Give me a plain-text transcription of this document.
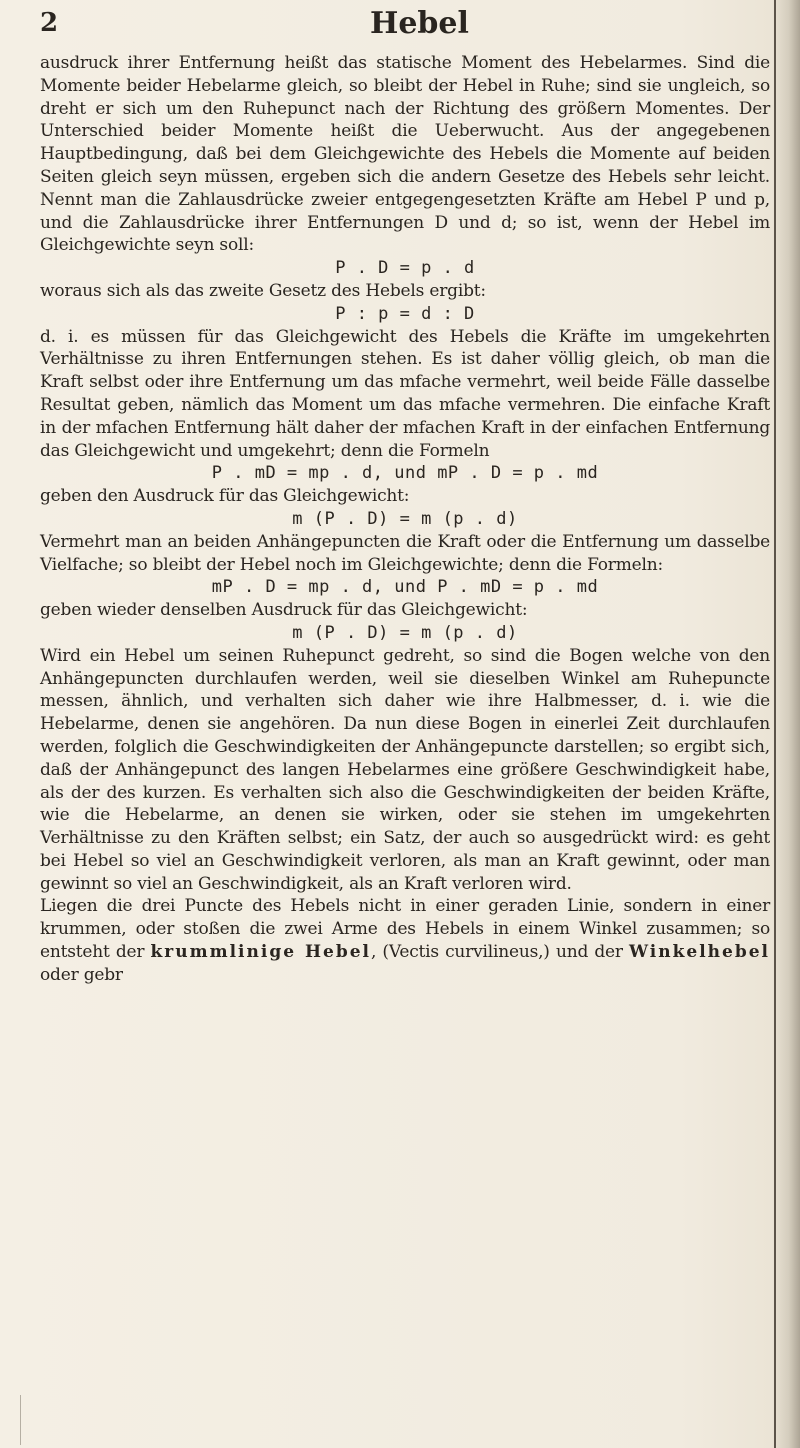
2	Hebel

ausdruck ihrer Entfernung heißt das statische Moment des Hebelarmes. Sind die Momente beider Hebelarme gleich, so bleibt der Hebel in Ruhe; sind sie ungleich, so dreht er sich um den Ruhepunct nach der Richtung des größern Momentes. Der Unterschied beider Momente heißt die Ueberwucht. Aus der angegebenen Hauptbedingung, daß bei dem Gleichgewichte des Hebels die Momente auf beiden Seiten gleich seyn müssen, ergeben sich die andern Gesetze des Hebels sehr leicht. Nennt man die Zahlausdrücke zweier entgegengesetzten Kräfte am Hebel P und p, und die Zahlausdrücke ihrer Entfernungen D und d; so ist, wenn der Hebel im Gleichgewichte seyn soll:

P . D = p . d

woraus sich als das zweite Gesetz des Hebels ergibt:

P : p = d : D

d. i. es müssen für das Gleichgewicht des Hebels die Kräfte im umgekehrten Verhältnisse zu ihren Entfernungen stehen. Es ist daher völlig gleich, ob man die Kraft selbst oder ihre Entfernung um das mfache vermehrt, weil beide Fälle dasselbe Resultat geben, nämlich das Moment um das mfache vermehren. Die einfache Kraft in der mfachen Entfernung hält daher der mfachen Kraft in der einfachen Entfernung das Gleichgewicht und umgekehrt; denn die Formeln

P . mD = mp . d, und mP . D = p . md

geben den Ausdruck für das Gleichgewicht:

m (P . D) = m (p . d)

Vermehrt man an beiden Anhängepuncten die Kraft oder die Entfernung um dasselbe Vielfache; so bleibt der Hebel noch im Gleichgewichte; denn die Formeln:

mP . D = mp . d, und P . mD = p . md

geben wieder denselben Ausdruck für das Gleichgewicht:

m (P . D) = m (p . d)

Wird ein Hebel um seinen Ruhepunct gedreht, so sind die Bogen welche von den Anhängepuncten durchlaufen werden, weil sie dieselben Winkel am Ruhepuncte messen, ähnlich, und verhalten sich daher wie ihre Halbmesser, d. i. wie die Hebelarme, denen sie angehören. Da nun diese Bogen in einerlei Zeit durchlaufen werden, folglich die Geschwindigkeiten der Anhängepuncte darstellen; so ergibt sich, daß der Anhängepunct des langen Hebelarmes eine größere Geschwindigkeit habe, als der des kurzen. Es verhalten sich also die Geschwindigkeiten der beiden Kräfte, wie die Hebelarme, an denen sie wirken, oder sie stehen im umgekehrten Verhältnisse zu den Kräften selbst; ein Satz, der auch so ausgedrückt wird: es geht bei Hebel so viel an Geschwindigkeit verloren, als man an Kraft gewinnt, oder man gewinnt so viel an Geschwindigkeit, als an Kraft verloren wird.

Liegen die drei Puncte des Hebels nicht in einer geraden Linie, sondern in einer krummen, oder stoßen die zwei Arme des Hebels in einem Winkel zusammen; so entsteht der krummlinige Hebel, (Vectis curvilineus,) und der Winkelhebel oder gebr
